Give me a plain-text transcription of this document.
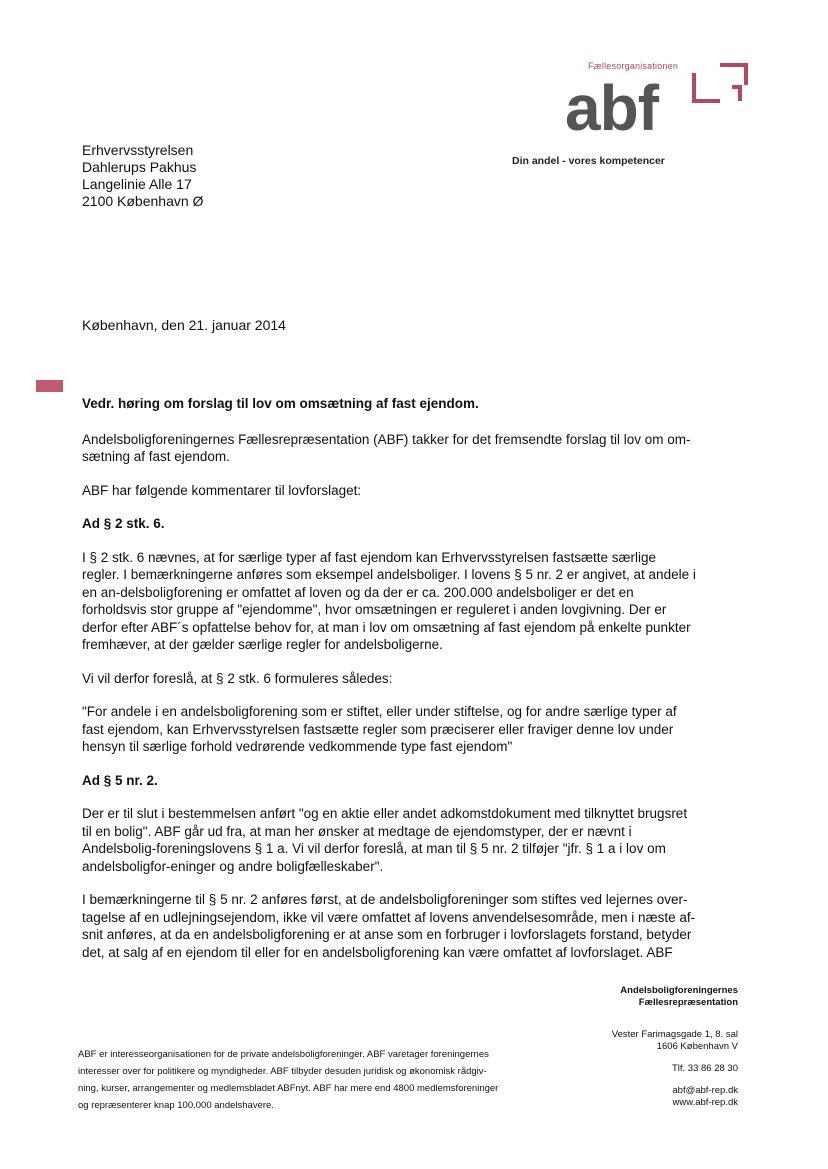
Fællesorganisationen
abf
Din andel - vores kompetencer
Erhvervsstyrelsen
Dahlerups Pakhus
Langelinie Alle 17
2100 København Ø
København, den 21. januar 2014

Vedr. høring om forslag til lov om omsætning af fast ejendom.

Andelsboligforeningernes Fællesrepræsentation (ABF) takker for det fremsendte forslag til lov om om-sætning af fast ejendom.

ABF har følgende kommentarer til lovforslaget:

Ad § 2 stk. 6.

I § 2 stk. 6 nævnes, at for særlige typer af fast ejendom kan Erhvervsstyrelsen fastsætte særlige regler. I bemærkningerne anføres som eksempel andelsboliger. I lovens § 5 nr. 2 er angivet, at andele i en an-delsboligforening er omfattet af loven og da der er ca. 200.000 andelsboliger er det en forholdsvis stor gruppe af "ejendomme", hvor omsætningen er reguleret i anden lovgivning. Der er derfor efter ABF´s opfattelse behov for, at man i lov om omsætning af fast ejendom på enkelte punkter fremhæver, at der gælder særlige regler for andelsboligerne.

Vi vil derfor foreslå, at § 2 stk. 6 formuleres således:

"For andele i en andelsboligforening som er stiftet, eller under stiftelse, og for andre særlige typer af fast ejendom, kan Erhvervsstyrelsen fastsætte regler som præciserer eller fraviger denne lov under hensyn til særlige forhold vedrørende vedkommende type fast ejendom"

Ad § 5 nr. 2.

Der er til slut i bestemmelsen anført "og en aktie eller andet adkomstdokument med tilknyttet brugsret til en bolig". ABF går ud fra, at man her ønsker at medtage de ejendomstyper, der er nævnt i Andelsbolig-foreningslovens § 1 a. Vi vil derfor foreslå, at man til § 5 nr. 2 tilføjer "jfr. § 1 a i lov om andelsboligfor-eninger og andre boligfælleskaber".

I bemærkningerne til § 5 nr. 2 anføres først, at de andelsboligforeninger som stiftes ved lejernes over-tagelse af en udlejningsejendom, ikke vil være omfattet af lovens anvendelsesområde, men i næste af-snit anføres, at da en andelsboligforening er at anse som en forbruger i lovforslagets forstand, betyder det, at salg af en ejendom til eller for en andelsboligforening kan være omfattet af lovforslaget. ABF

Andelsboligforeningernes
Fællesrepræsentation
Vester Farimagsgade 1, 8. sal
1606 København V
Tlf. 33 86 28 30
abf@abf-rep.dk
www.abf-rep.dk
ABF er interesseorganisationen for de private andelsboligforeninger. ABF varetager foreningernes
interesser over for politikere og myndigheder. ABF tilbyder desuden juridisk og økonomisk rådgiv-
ning, kurser, arrangementer og medlemsbladet ABFnyt. ABF har mere end 4800 medlemsforeninger
og repræsenterer knap 100.000 andelshavere.
